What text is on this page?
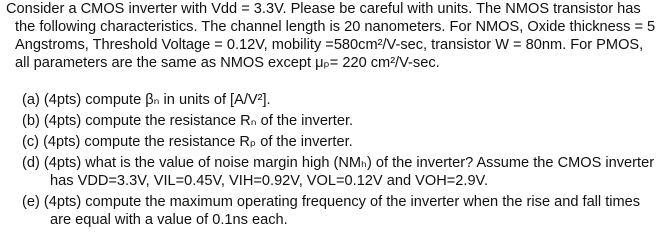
Consider a CMOS inverter with Vdd = 3.3V. Please be careful with units. The NMOS transistor has
the following characteristics. The channel length is 20 nanometers. For NMOS, Oxide thickness = 5
Angstroms, Threshold Voltage = 0.12V, mobility =580cm²/V-sec, transistor W = 80nm. For PMOS,
all parameters are the same as NMOS except μₚ= 220 cm²/V-sec.
(a) (4pts) compute βₙ in units of [A/V²].
(b) (4pts) compute the resistance Rₙ of the inverter.
(c) (4pts) compute the resistance Rₚ of the inverter.
(d) (4pts) what is the value of noise margin high (NMₕ) of the inverter? Assume the CMOS inverter
has VDD=3.3V, VIL=0.45V, VIH=0.92V, VOL=0.12V and VOH=2.9V.
(e) (4pts) compute the maximum operating frequency of the inverter when the rise and fall times
are equal with a value of 0.1ns each.
